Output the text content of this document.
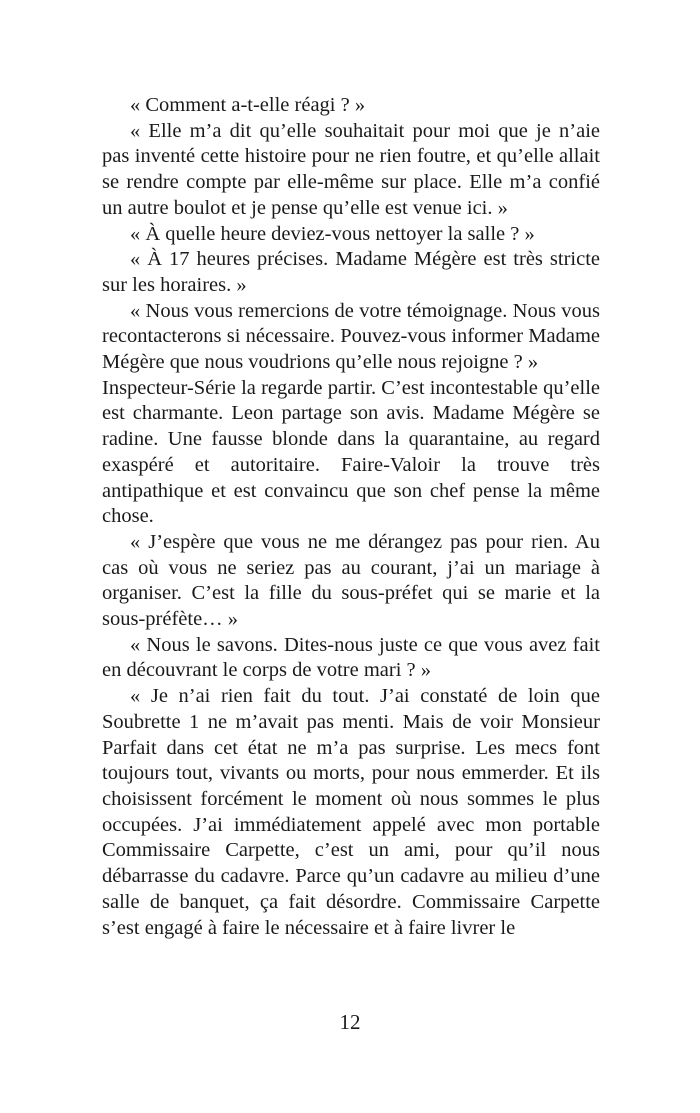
« Comment a-t-elle réagi ? »

« Elle m’a dit qu’elle souhaitait pour moi que je n’aie pas inventé cette histoire pour ne rien foutre, et qu’elle allait se rendre compte par elle-même sur place. Elle m’a confié un autre boulot et je pense qu’elle est venue ici. »

« À quelle heure deviez-vous nettoyer la salle ? »

« À 17 heures précises. Madame Mégère est très stricte sur les horaires. »

« Nous vous remercions de votre témoignage. Nous vous recontacterons si nécessaire. Pouvez-vous informer Madame Mégère que nous voudrions qu’elle nous rejoigne ? »

Inspecteur-Série la regarde partir. C’est incontestable qu’elle est charmante. Leon partage son avis. Madame Mégère se radine. Une fausse blonde dans la quarantaine, au regard exaspéré et autoritaire. Faire-Valoir la trouve très antipathique et est convaincu que son chef pense la même chose.

« J’espère que vous ne me dérangez pas pour rien. Au cas où vous ne seriez pas au courant, j’ai un mariage à organiser. C’est la fille du sous-préfet qui se marie et la sous-préfète… »

« Nous le savons. Dites-nous juste ce que vous avez fait en découvrant le corps de votre mari ? »

« Je n’ai rien fait du tout. J’ai constaté de loin que Soubrette 1 ne m’avait pas menti. Mais de voir Monsieur Parfait dans cet état ne m’a pas surprise. Les mecs font toujours tout, vivants ou morts, pour nous emmerder. Et ils choisissent forcément le moment où nous sommes le plus occupées. J’ai immédiatement appelé avec mon portable Commissaire Carpette, c’est un ami, pour qu’il nous débarrasse du cadavre. Parce qu’un cadavre au milieu d’une salle de banquet, ça fait désordre. Commissaire Carpette s’est engagé à faire le nécessaire et à faire livrer le

12
